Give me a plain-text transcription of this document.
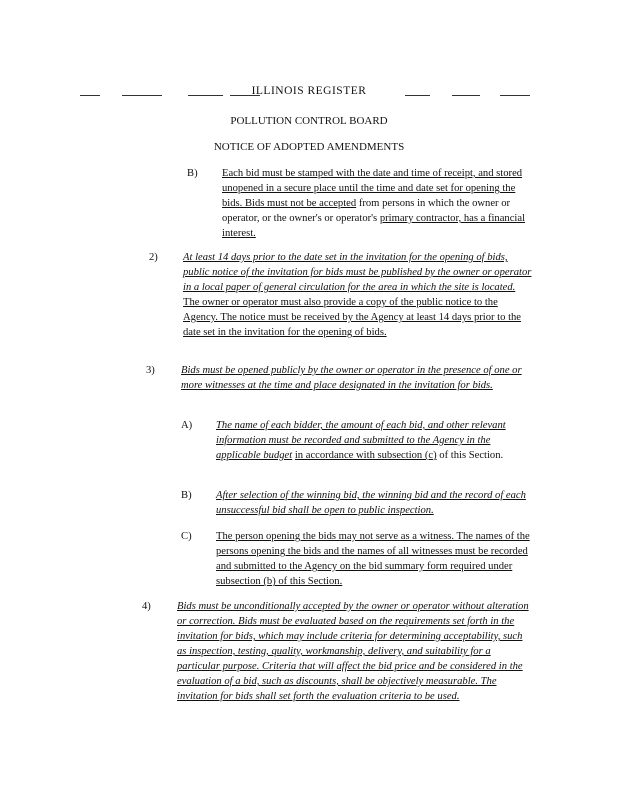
ILLINOIS REGISTER
POLLUTION CONTROL BOARD
NOTICE OF ADOPTED AMENDMENTS
B) Each bid must be stamped with the date and time of receipt, and stored unopened in a secure place until the time and date set for opening the bids. Bids must not be accepted from persons in which the owner or operator, or the owner's or operator's primary contractor, has a financial interest.
2) At least 14 days prior to the date set in the invitation for the opening of bids, public notice of the invitation for bids must be published by the owner or operator in a local paper of general circulation for the area in which the site is located. The owner or operator must also provide a copy of the public notice to the Agency. The notice must be received by the Agency at least 14 days prior to the date set in the invitation for the opening of bids.
3) Bids must be opened publicly by the owner or operator in the presence of one or more witnesses at the time and place designated in the invitation for bids.
A) The name of each bidder, the amount of each bid, and other relevant information must be recorded and submitted to the Agency in the applicable budget in accordance with subsection (c) of this Section.
B) After selection of the winning bid, the winning bid and the record of each unsuccessful bid shall be open to public inspection.
C) The person opening the bids may not serve as a witness. The names of the persons opening the bids and the names of all witnesses must be recorded and submitted to the Agency on the bid summary form required under subsection (b) of this Section.
4) Bids must be unconditionally accepted by the owner or operator without alteration or correction. Bids must be evaluated based on the requirements set forth in the invitation for bids, which may include criteria for determining acceptability, such as inspection, testing, quality, workmanship, delivery, and suitability for a particular purpose. Criteria that will affect the bid price and be considered in the evaluation of a bid, such as discounts, shall be objectively measurable. The invitation for bids shall set forth the evaluation criteria to be used.
